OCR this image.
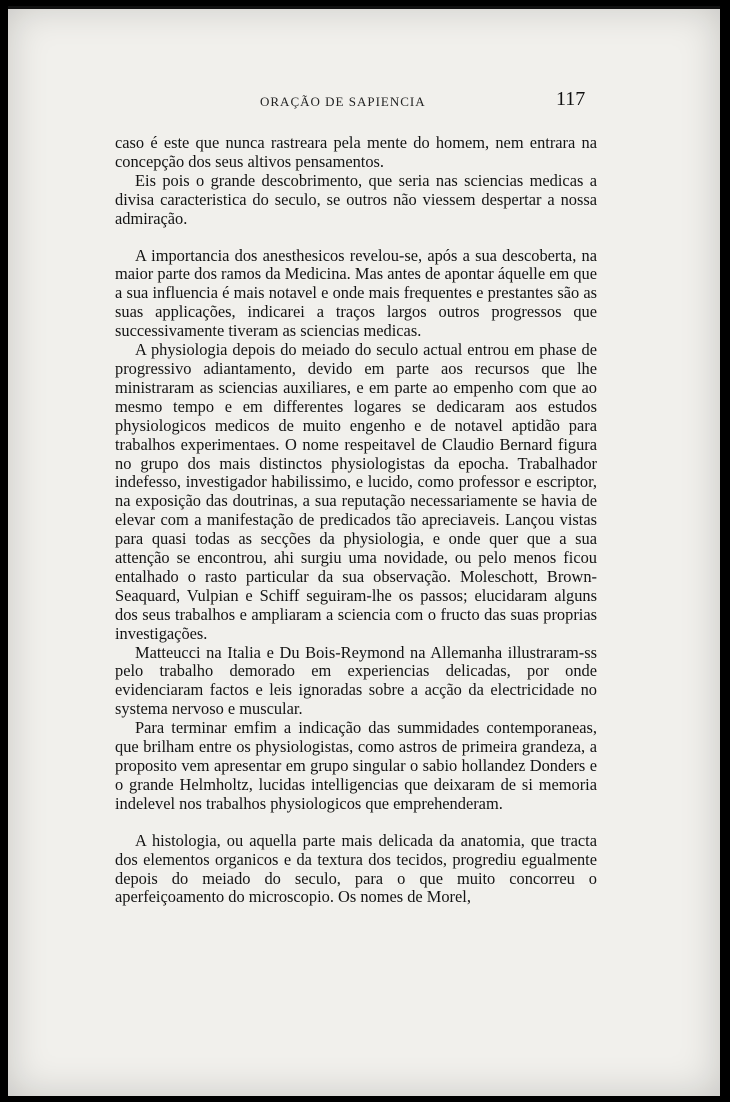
ORAÇÃO DE SAPIENCIA	117

caso é este que nunca rastreara pela mente do homem, nem entrara na concepção dos seus altivos pensamentos.

Eis pois o grande descobrimento, que seria nas sciencias medicas a divisa caracteristica do seculo, se outros não viessem despertar a nossa admiração.

A importancia dos anesthesicos revelou-se, após a sua descoberta, na maior parte dos ramos da Medicina. Mas antes de apontar áquelle em que a sua influencia é mais notavel e onde mais frequentes e prestantes são as suas applicações, indicarei a traços largos outros progressos que successivamente tiveram as sciencias medicas.

A physiologia depois do meiado do seculo actual entrou em phase de progressivo adiantamento, devido em parte aos recursos que lhe ministraram as sciencias auxiliares, e em parte ao empenho com que ao mesmo tempo e em differentes logares se dedicaram aos estudos physiologicos medicos de muito engenho e de notavel aptidão para trabalhos experimentaes. O nome respeitavel de Claudio Bernard figura no grupo dos mais distinctos physiologistas da epocha. Trabalhador indefesso, investigador habilissimo, e lucido, como professor e escriptor, na exposição das doutrinas, a sua reputação necessariamente se havia de elevar com a manifestação de predicados tão apreciaveis. Lançou vistas para quasi todas as secções da physiologia, e onde quer que a sua attenção se encontrou, ahi surgiu uma novidade, ou pelo menos ficou entalhado o rasto particular da sua observação. Moleschott, Brown-Seaquard, Vulpian e Schiff seguiram-lhe os passos; elucidaram alguns dos seus trabalhos e ampliaram a sciencia com o fructo das suas proprias investigações.

Matteucci na Italia e Du Bois-Reymond na Allemanha illustraram-ss pelo trabalho demorado em experiencias delicadas, por onde evidenciaram factos e leis ignoradas sobre a acção da electricidade no systema nervoso e muscular.

Para terminar emfim a indicação das summidades contemporaneas, que brilham entre os physiologistas, como astros de primeira grandeza, a proposito vem apresentar em grupo singular o sabio hollandez Donders e o grande Helmholtz, lucidas intelligencias que deixaram de si memoria indelevel nos trabalhos physiologicos que emprehenderam.

A histologia, ou aquella parte mais delicada da anatomia, que tracta dos elementos organicos e da textura dos tecidos, progrediu egualmente depois do meiado do seculo, para o que muito concorreu o aperfeiçoamento do microscopio. Os nomes de Morel,
